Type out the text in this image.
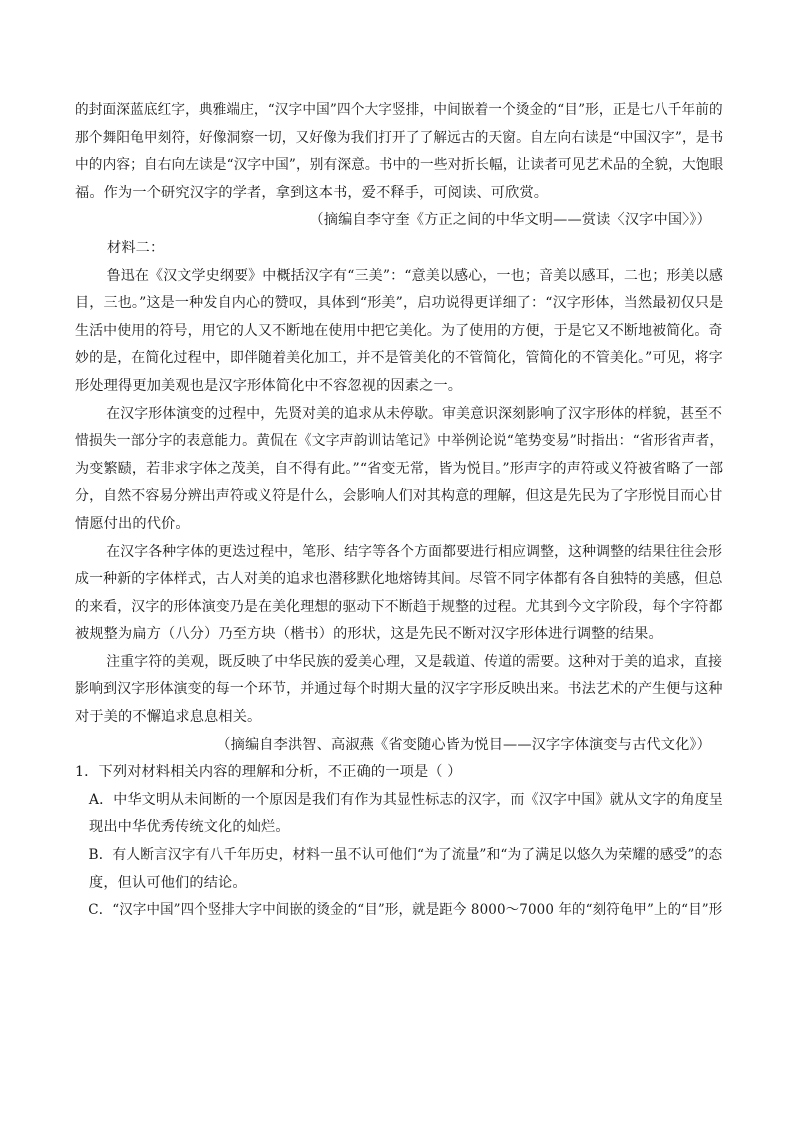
的封面深蓝底红字，典雅端庄，“汉字中国”四个大字竖排，中间嵌着一个烫金的“目”形，正是七八千年前的
那个舞阳龟甲刻符，好像洞察一切，又好像为我们打开了了解远古的天窗。自左向右读是“中国汉字”，是书
中的内容；自右向左读是“汉字中国”，别有深意。书中的一些对折长幅，让读者可见艺术品的全貌，大饱眼
福。作为一个研究汉字的学者，拿到这本书，爱不释手，可阅读、可欣赏。
（摘编自李守奎《方正之间的中华文明——赏读〈汉字中国〉》）
材料二：
鲁迅在《汉文学史纲要》中概括汉字有“三美”：“意美以感心，一也；音美以感耳，二也；形美以感
目，三也。”这是一种发自内心的赞叹，具体到“形美”，启功说得更详细了：“汉字形体，当然最初仅只是
生活中使用的符号，用它的人又不断地在使用中把它美化。为了使用的方便，于是它又不断地被简化。奇
妙的是，在简化过程中，即伴随着美化加工，并不是管美化的不管简化，管简化的不管美化。”可见，将字
形处理得更加美观也是汉字形体简化中不容忽视的因素之一。
在汉字形体演变的过程中，先贤对美的追求从未停歇。审美意识深刻影响了汉字形体的样貌，甚至不
惜损失一部分字的表意能力。黄侃在《文字声韵训诂笔记》中举例论说“笔势变易”时指出：“省形省声者，
为变繁赜，若非求字体之茂美，自不得有此。”“省变无常，皆为悦目。”形声字的声符或义符被省略了一部
分，自然不容易分辨出声符或义符是什么，会影响人们对其构意的理解，但这是先民为了字形悦目而心甘
情愿付出的代价。
在汉字各种字体的更迭过程中，笔形、结字等各个方面都要进行相应调整，这种调整的结果往往会形
成一种新的字体样式，古人对美的追求也潜移默化地熔铸其间。尽管不同字体都有各自独特的美感，但总
的来看，汉字的形体演变乃是在美化理想的驱动下不断趋于规整的过程。尤其到今文字阶段，每个字符都
被规整为扁方（八分）乃至方块（楷书）的形状，这是先民不断对汉字形体进行调整的结果。
注重字符的美观，既反映了中华民族的爱美心理，又是载道、传道的需要。这种对于美的追求，直接
影响到汉字形体演变的每一个环节，并通过每个时期大量的汉字字形反映出来。书法艺术的产生便与这种
对于美的不懈追求息息相关。
（摘编自李洪智、高淑燕《省变随心皆为悦目——汉字字体演变与古代文化》）
1．下列对材料相关内容的理解和分析，不正确的一项是（ ）
A．中华文明从未间断的一个原因是我们有作为其显性标志的汉字，而《汉字中国》就从文字的角度呈
现出中华优秀传统文化的灿烂。
B．有人断言汉字有八千年历史，材料一虽不认可他们“为了流量”和“为了满足以悠久为荣耀的感受”的态
度，但认可他们的结论。
C．“汉字中国”四个竖排大字中间嵌的烫金的“目”形，就是距今 8000～7000 年的“刻符龟甲”上的“目”形
